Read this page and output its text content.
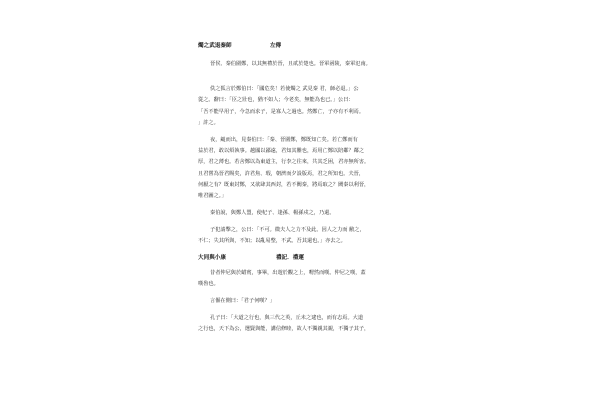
燭之武退秦師	左傳
晉侯、秦伯圍鄭，以其無禮於晉，且貳於楚也。晉軍函陵，秦軍氾南。
佚之狐言於鄭伯曰：「國危矣！若使燭之 武見秦 君，師必退。」公
從之。辭曰：「臣之壯也，猶不如人；今老矣，無能為也已。」公曰：
「吾不能早用子，今急而求子，是寡人之過也。然鄭亡，子亦有不利焉。
」許之。
夜，縋而出，見秦伯曰：「秦、晉圍鄭，鄭既知亡矣。若亡鄭而有
益於君，敢以煩執事。越國以鄙遠，君知其難也，焉用亡鄭以陪鄰？鄰之
厚，君之薄也。若舍鄭以為東道主，行李之往來，共其乏困，君亦無所害。
且君嘗為晉君賜矣，許君焦、瑕，朝濟而夕設版焉，君之所知也。夫晉，
何厭之有？既東封鄭，又欲肆其西封，若不闕秦，將焉取之？闕秦以利晉，
唯君圖之。」
秦伯說，與鄭人盟，使杞子、逢孫、楊孫戍之，乃還。
子犯請擊之，公曰：「不可。微夫人之力不及此。因人之力而 敝之，
不仁；失其所與，不知；以亂易整，不武。吾其還也。」亦去之。
大同與小康	禮記．禮運
昔者仲尼與於蜡賓，事畢，出遊於觀之上，喟然而嘆。仲尼之嘆，蓋
嘆魯也。
言偃在側曰：「君子何嘆？」
孔子曰：「大道之行也，與三代之英，丘未之逮也，而有志焉。大道
之行也，天下為公，選賢與能，講信修睦，故人不獨親其親，不獨子其子，
